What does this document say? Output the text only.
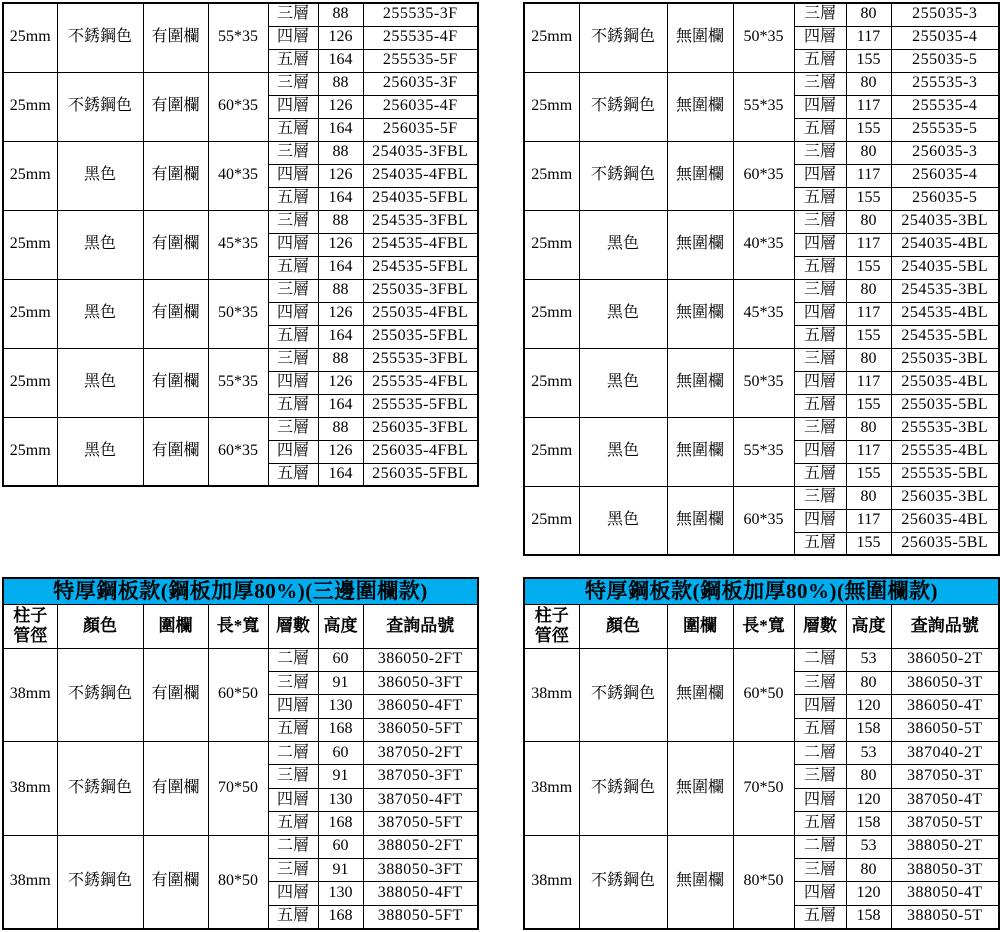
25mm	不銹鋼色	有圍欄	55*35	三層	88	255535-3F
				四層	126	255535-4F
				五層	164	255535-5F
25mm	不銹鋼色	有圍欄	60*35	三層	88	256035-3F
				四層	126	256035-4F
				五層	164	256035-5F
25mm	黑色	有圍欄	40*35	三層	88	254035-3FBL
				四層	126	254035-4FBL
				五層	164	254035-5FBL
25mm	黑色	有圍欄	45*35	三層	88	254535-3FBL
				四層	126	254535-4FBL
				五層	164	254535-5FBL
25mm	黑色	有圍欄	50*35	三層	88	255035-3FBL
				四層	126	255035-4FBL
				五層	164	255035-5FBL
25mm	黑色	有圍欄	55*35	三層	88	255535-3FBL
				四層	126	255535-4FBL
				五層	164	255535-5FBL
25mm	黑色	有圍欄	60*35	三層	88	256035-3FBL
				四層	126	256035-4FBL
				五層	164	256035-5FBL
25mm	不銹鋼色	無圍欄	50*35	三層	80	255035-3
				四層	117	255035-4
				五層	155	255035-5
25mm	不銹鋼色	無圍欄	55*35	三層	80	255535-3
				四層	117	255535-4
				五層	155	255535-5
25mm	不銹鋼色	無圍欄	60*35	三層	80	256035-3
				四層	117	256035-4
				五層	155	256035-5
25mm	黑色	無圍欄	40*35	三層	80	254035-3BL
				四層	117	254035-4BL
				五層	155	254035-5BL
25mm	黑色	無圍欄	45*35	三層	80	254535-3BL
				四層	117	254535-4BL
				五層	155	254535-5BL
25mm	黑色	無圍欄	50*35	三層	80	255035-3BL
				四層	117	255035-4BL
				五層	155	255035-5BL
25mm	黑色	無圍欄	55*35	三層	80	255535-3BL
				四層	117	255535-4BL
				五層	155	255535-5BL
25mm	黑色	無圍欄	60*35	三層	80	256035-3BL
				四層	117	256035-4BL
				五層	155	256035-5BL
特厚鋼板款(鋼板加厚80%)(三邊圍欄款)						
柱子
管徑	顏色	圍欄	長*寬	層數	高度	查詢品號
38mm	不銹鋼色	有圍欄	60*50	二層	60	386050-2FT
				三層	91	386050-3FT
				四層	130	386050-4FT
				五層	168	386050-5FT
38mm	不銹鋼色	有圍欄	70*50	二層	60	387050-2FT
				三層	91	387050-3FT
				四層	130	387050-4FT
				五層	168	387050-5FT
38mm	不銹鋼色	有圍欄	80*50	二層	60	388050-2FT
				三層	91	388050-3FT
				四層	130	388050-4FT
				五層	168	388050-5FT
特厚鋼板款(鋼板加厚80%)(無圍欄款)						
柱子
管徑	顏色	圍欄	長*寬	層數	高度	查詢品號
38mm	不銹鋼色	無圍欄	60*50	二層	53	386050-2T
				三層	80	386050-3T
				四層	120	386050-4T
				五層	158	386050-5T
38mm	不銹鋼色	無圍欄	70*50	二層	53	387040-2T
				三層	80	387050-3T
				四層	120	387050-4T
				五層	158	387050-5T
38mm	不銹鋼色	無圍欄	80*50	二層	53	388050-2T
				三層	80	388050-3T
				四層	120	388050-4T
				五層	158	388050-5T
